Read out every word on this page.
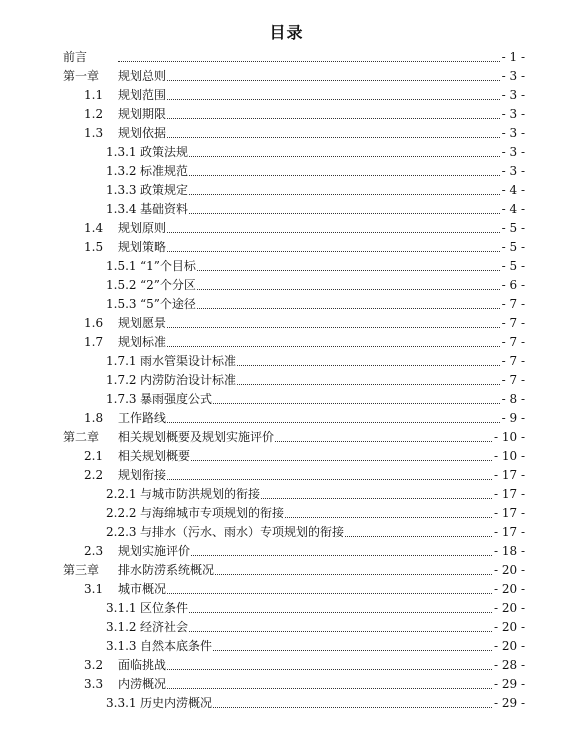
目录
前言	- 1 -
第一章 规划总则	- 3 -
1.1 规划范围	- 3 -
1.2 规划期限	- 3 -
1.3 规划依据	- 3 -
1.3.1 政策法规	- 3 -
1.3.2 标准规范	- 3 -
1.3.3 政策规定	- 4 -
1.3.4 基础资料	- 4 -
1.4 规划原则	- 5 -
1.5 规划策略	- 5 -
1.5.1 “1”个目标	- 5 -
1.5.2 “2”个分区	- 6 -
1.5.3 “5”个途径	- 7 -
1.6 规划愿景	- 7 -
1.7 规划标准	- 7 -
1.7.1 雨水管渠设计标准	- 7 -
1.7.2 内涝防治设计标准	- 7 -
1.7.3 暴雨强度公式	- 8 -
1.8 工作路线	- 9 -
第二章 相关规划概要及规划实施评价	- 10 -
2.1 相关规划概要	- 10 -
2.2 规划衔接	- 17 -
2.2.1 与城市防洪规划的衔接	- 17 -
2.2.2 与海绵城市专项规划的衔接	- 17 -
2.2.3 与排水（污水、雨水）专项规划的衔接	- 17 -
2.3 规划实施评价	- 18 -
第三章 排水防涝系统概况	- 20 -
3.1 城市概况	- 20 -
3.1.1 区位条件	- 20 -
3.1.2 经济社会	- 20 -
3.1.3 自然本底条件	- 20 -
3.2 面临挑战	- 28 -
3.3 内涝概况	- 29 -
3.3.1 历史内涝概况	- 29 -
